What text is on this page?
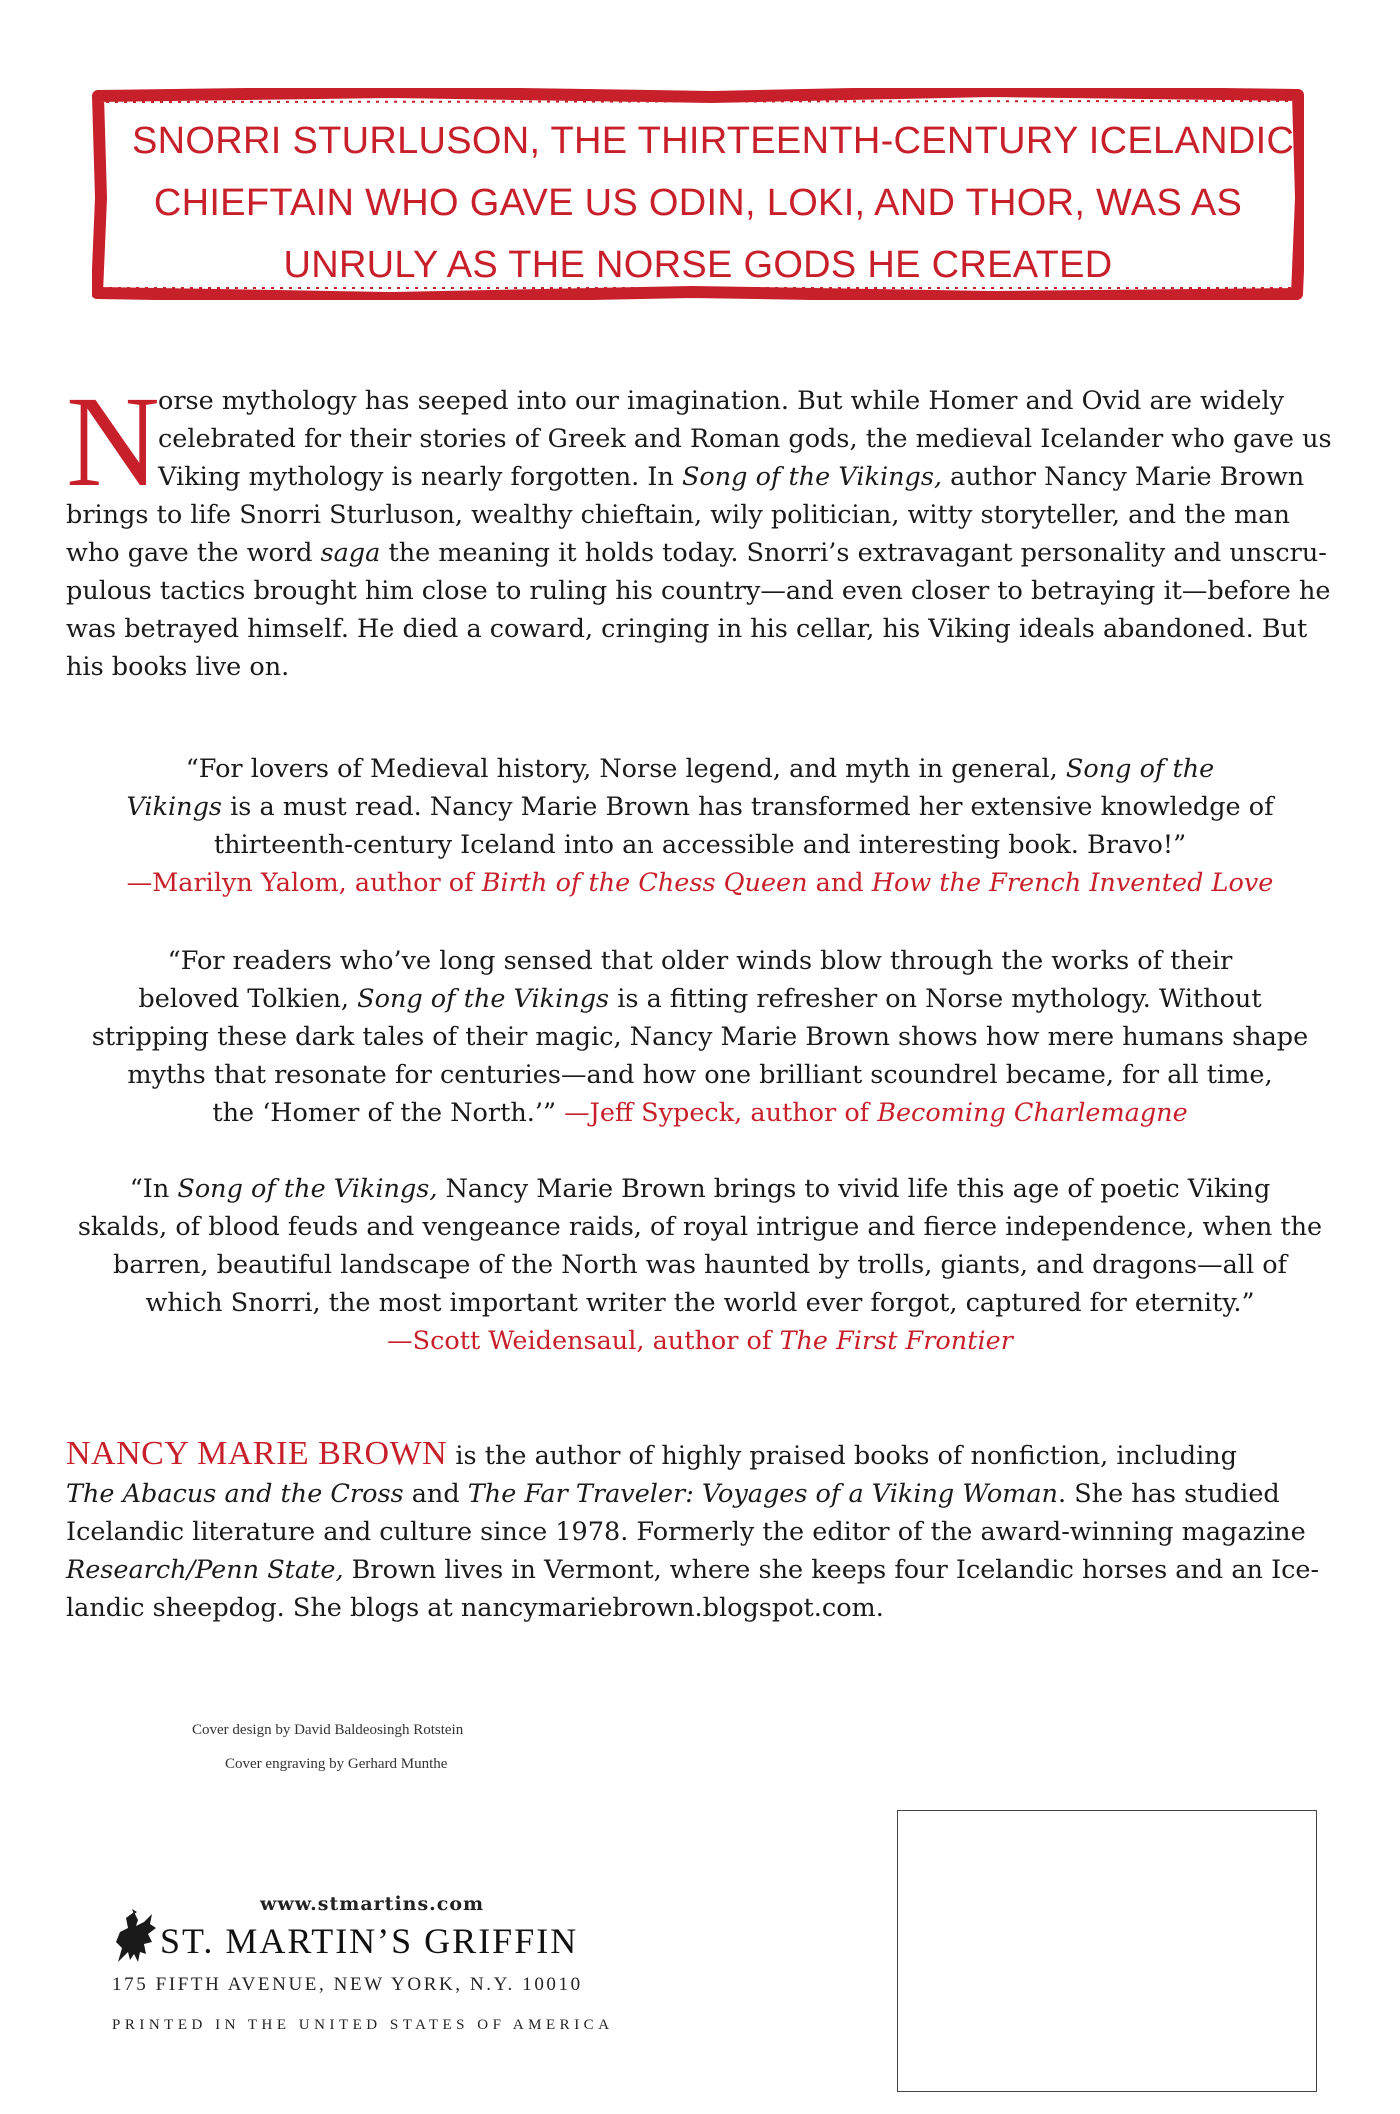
SNORRI STURLUSON, THE THIRTEENTH-CENTURY ICELANDIC
CHIEFTAIN WHO GAVE US ODIN, LOKI, AND THOR, WAS AS
UNRULY AS THE NORSE GODS HE CREATED
N
orse mythology has seeped into our imagination. But while Homer and Ovid are widely
celebrated for their stories of Greek and Roman gods, the medieval Icelander who gave us
Viking mythology is nearly forgotten. In Song of the Vikings, author Nancy Marie Brown
brings to life Snorri Sturluson, wealthy chieftain, wily politician, witty storyteller, and the man
who gave the word saga the meaning it holds today. Snorri’s extravagant personality and unscru-
pulous tactics brought him close to ruling his country—and even closer to betraying it—before he
was betrayed himself. He died a coward, cringing in his cellar, his Viking ideals abandoned. But
his books live on.
“For lovers of Medieval history, Norse legend, and myth in general, Song of the
Vikings is a must read. Nancy Marie Brown has transformed her extensive knowledge of
thirteenth-century Iceland into an accessible and interesting book. Bravo!”
—Marilyn Yalom, author of Birth of the Chess Queen and How the French Invented Love
“For readers who’ve long sensed that older winds blow through the works of their
beloved Tolkien, Song of the Vikings is a fitting refresher on Norse mythology. Without
stripping these dark tales of their magic, Nancy Marie Brown shows how mere humans shape
myths that resonate for centuries—and how one brilliant scoundrel became, for all time,
the ‘Homer of the North.’” —Jeff Sypeck, author of Becoming Charlemagne
“In Song of the Vikings, Nancy Marie Brown brings to vivid life this age of poetic Viking
skalds, of blood feuds and vengeance raids, of royal intrigue and fierce independence, when the
barren, beautiful landscape of the North was haunted by trolls, giants, and dragons—all of
which Snorri, the most important writer the world ever forgot, captured for eternity.”
—Scott Weidensaul, author of The First Frontier
NANCY MARIE BROWN is the author of highly praised books of nonfiction, including
The Abacus and the Cross and The Far Traveler: Voyages of a Viking Woman. She has studied
Icelandic literature and culture since 1978. Formerly the editor of the award-winning magazine
Research/Penn State, Brown lives in Vermont, where she keeps four Icelandic horses and an Ice-
landic sheepdog. She blogs at nancymariebrown.blogspot.com.
Cover design by David Baldeosingh Rotstein
Cover engraving by Gerhard Munthe
www.stmartins.com
ST. MARTIN’S GRIFFIN
175 FIFTH AVENUE, NEW YORK, N.Y. 10010
PRINTED IN THE UNITED STATES OF AMERICA
